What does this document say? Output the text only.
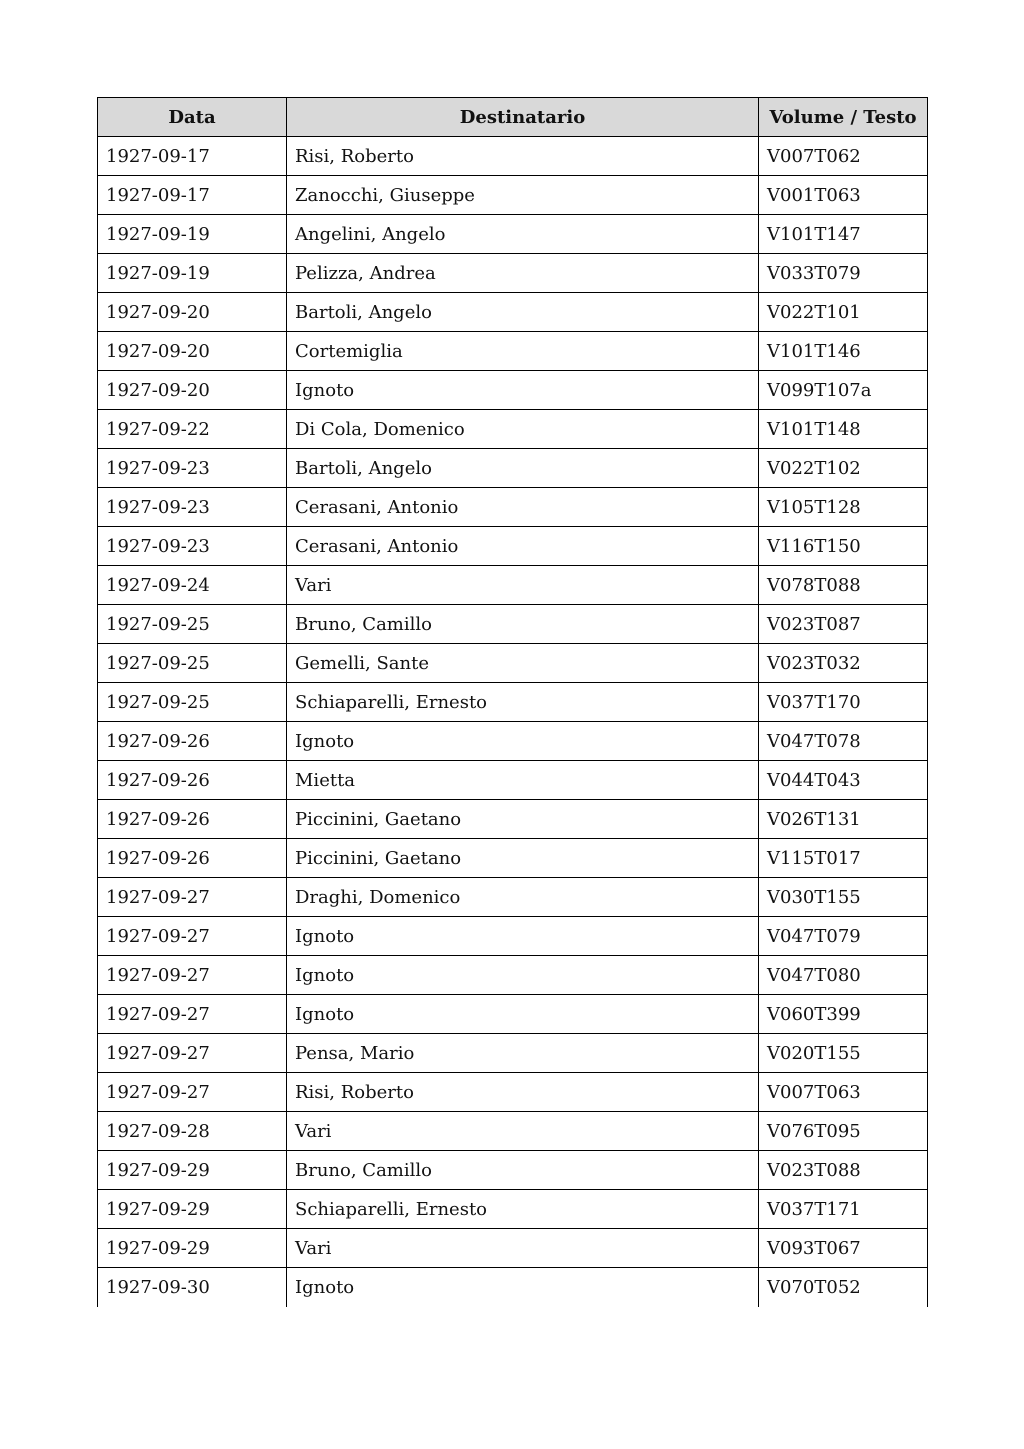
Data	Destinatario	Volume / Testo
1927-09-17	Risi, Roberto	V007T062
1927-09-17	Zanocchi, Giuseppe	V001T063
1927-09-19	Angelini, Angelo	V101T147
1927-09-19	Pelizza, Andrea	V033T079
1927-09-20	Bartoli, Angelo	V022T101
1927-09-20	Cortemiglia	V101T146
1927-09-20	Ignoto	V099T107a
1927-09-22	Di Cola, Domenico	V101T148
1927-09-23	Bartoli, Angelo	V022T102
1927-09-23	Cerasani, Antonio	V105T128
1927-09-23	Cerasani, Antonio	V116T150
1927-09-24	Vari	V078T088
1927-09-25	Bruno, Camillo	V023T087
1927-09-25	Gemelli, Sante	V023T032
1927-09-25	Schiaparelli, Ernesto	V037T170
1927-09-26	Ignoto	V047T078
1927-09-26	Mietta	V044T043
1927-09-26	Piccinini, Gaetano	V026T131
1927-09-26	Piccinini, Gaetano	V115T017
1927-09-27	Draghi, Domenico	V030T155
1927-09-27	Ignoto	V047T079
1927-09-27	Ignoto	V047T080
1927-09-27	Ignoto	V060T399
1927-09-27	Pensa, Mario	V020T155
1927-09-27	Risi, Roberto	V007T063
1927-09-28	Vari	V076T095
1927-09-29	Bruno, Camillo	V023T088
1927-09-29	Schiaparelli, Ernesto	V037T171
1927-09-29	Vari	V093T067
1927-09-30	Ignoto	V070T052
